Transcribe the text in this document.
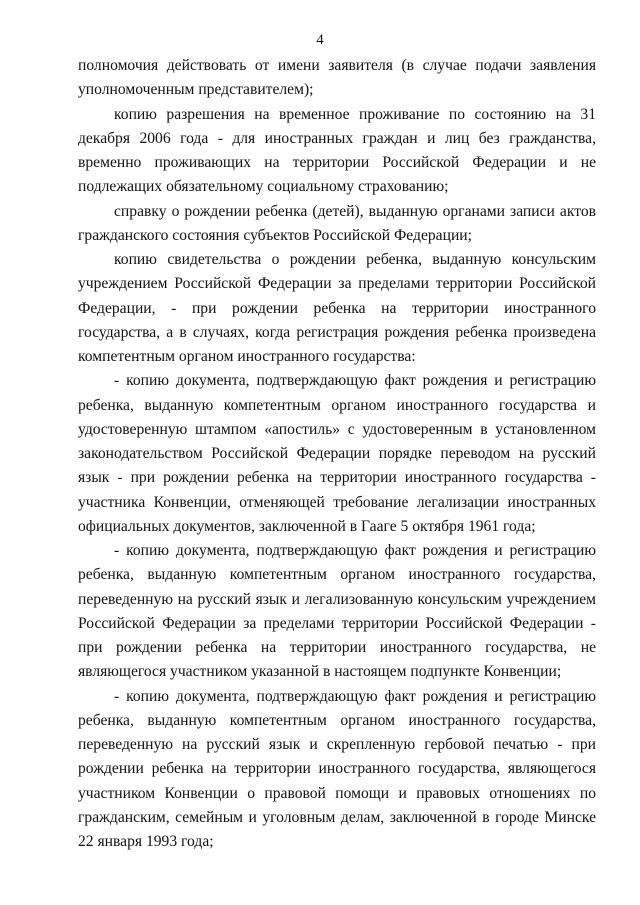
4

полномочия действовать от имени заявителя (в случае подачи заявления уполномоченным представителем);

копию разрешения на временное проживание по состоянию на 31 декабря 2006 года - для иностранных граждан и лиц без гражданства, временно проживающих на территории Российской Федерации и не подлежащих обязательному социальному страхованию;

справку о рождении ребенка (детей), выданную органами записи актов гражданского состояния субъектов Российской Федерации;

копию свидетельства о рождении ребенка, выданную консульским учреждением Российской Федерации за пределами территории Российской Федерации, - при рождении ребенка на территории иностранного государства, а в случаях, когда регистрация рождения ребенка произведена компетентным органом иностранного государства:

- копию документа, подтверждающую факт рождения и регистрацию ребенка, выданную компетентным органом иностранного государства и удостоверенную штампом «апостиль» с удостоверенным в установленном законодательством Российской Федерации порядке переводом на русский язык - при рождении ребенка на территории иностранного государства - участника Конвенции, отменяющей требование легализации иностранных официальных документов, заключенной в Гааге 5 октября 1961 года;

- копию документа, подтверждающую факт рождения и регистрацию ребенка, выданную компетентным органом иностранного государства, переведенную на русский язык и легализованную консульским учреждением Российской Федерации за пределами территории Российской Федерации - при рождении ребенка на территории иностранного государства, не являющегося участником указанной в настоящем подпункте Конвенции;

- копию документа, подтверждающую факт рождения и регистрацию ребенка, выданную компетентным органом иностранного государства, переведенную на русский язык и скрепленную гербовой печатью - при рождении ребенка на территории иностранного государства, являющегося участником Конвенции о правовой помощи и правовых отношениях по гражданским, семейным и уголовным делам, заключенной в городе Минске 22 января 1993 года;
